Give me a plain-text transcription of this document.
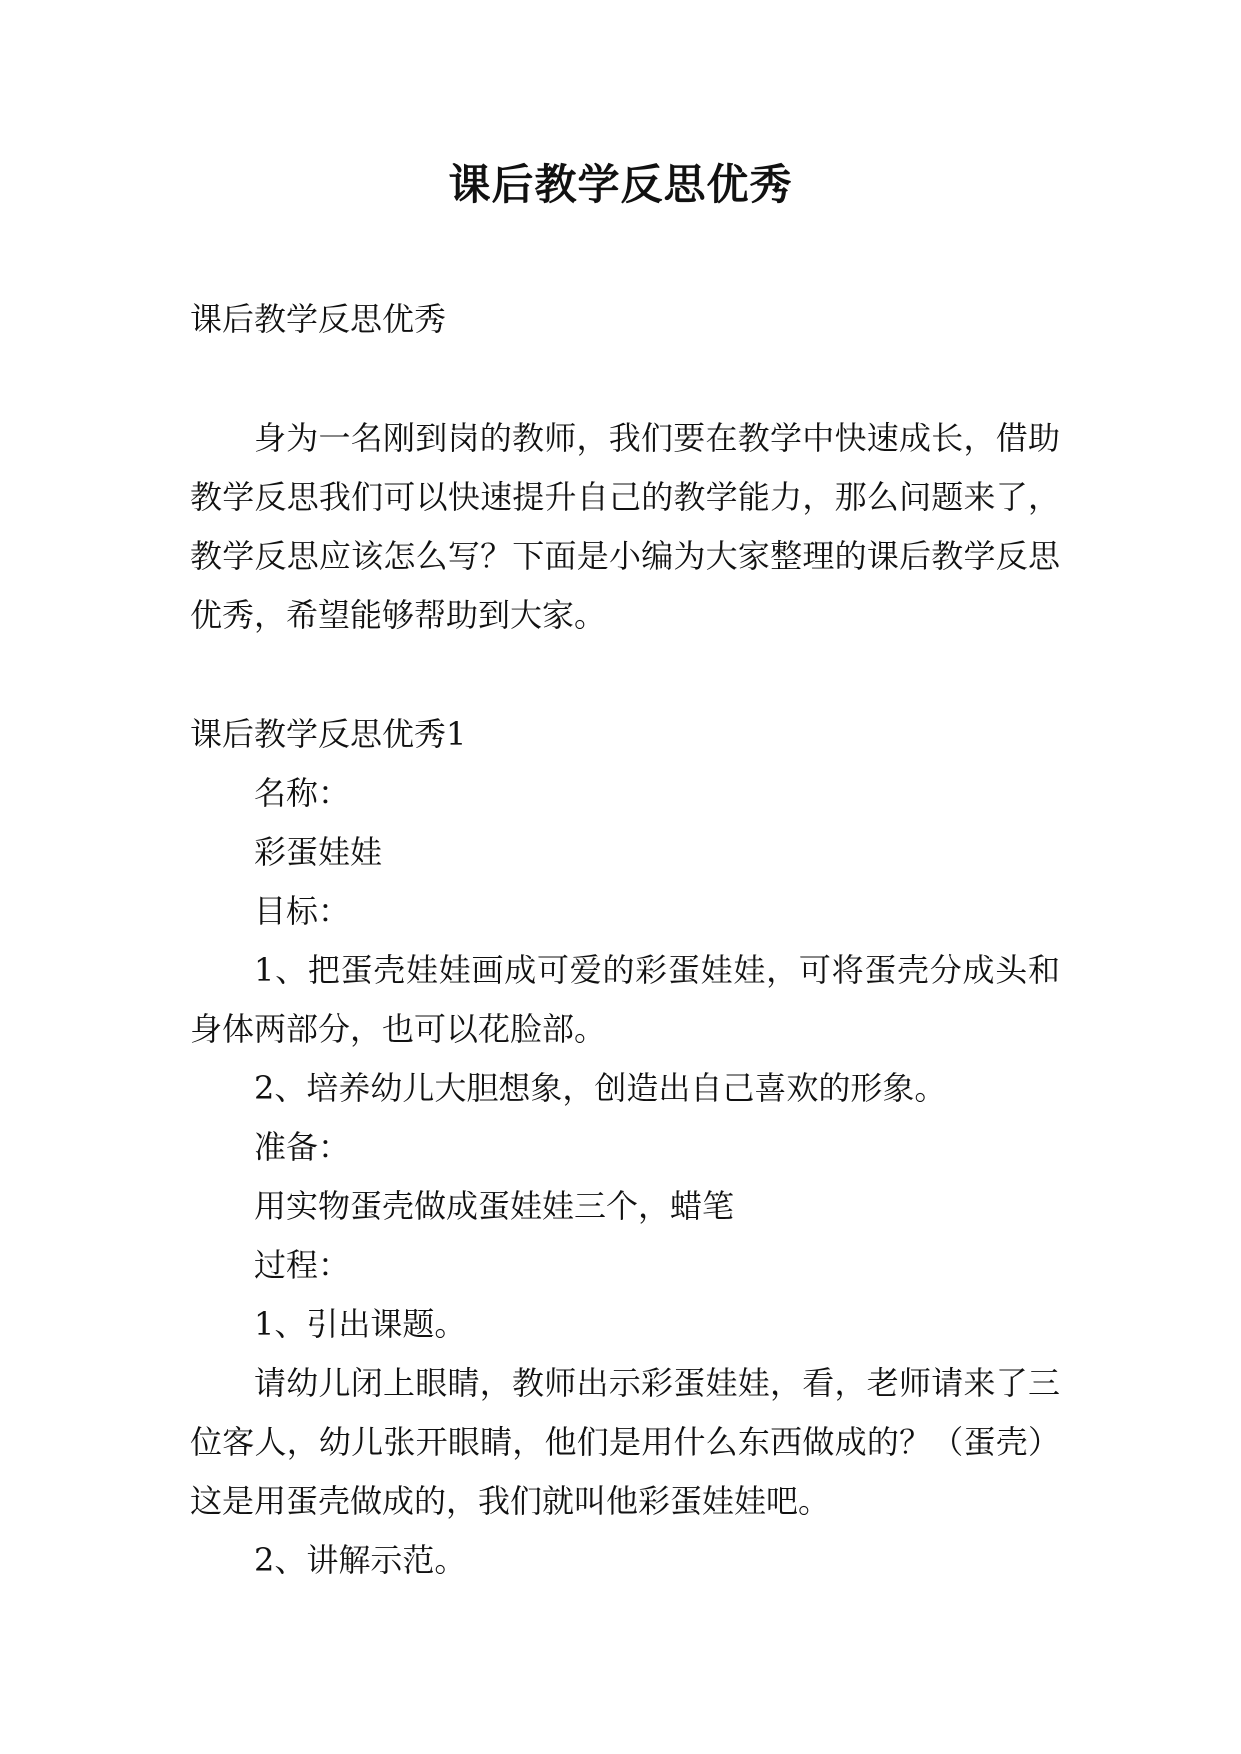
课后教学反思优秀

课后教学反思优秀

身为一名刚到岗的教师，我们要在教学中快速成长，借助教学反思我们可以快速提升自己的教学能力，那么问题来了，教学反思应该怎么写？下面是小编为大家整理的课后教学反思优秀，希望能够帮助到大家。

课后教学反思优秀1

名称：

彩蛋娃娃

目标：

1、把蛋壳娃娃画成可爱的彩蛋娃娃，可将蛋壳分成头和身体两部分，也可以花脸部。

2、培养幼儿大胆想象，创造出自己喜欢的形象。

准备：

用实物蛋壳做成蛋娃娃三个，蜡笔

过程：

1、引出课题。

请幼儿闭上眼睛，教师出示彩蛋娃娃，看，老师请来了三位客人，幼儿张开眼睛，他们是用什么东西做成的？（蛋壳）这是用蛋壳做成的，我们就叫他彩蛋娃娃吧。

2、讲解示范。
